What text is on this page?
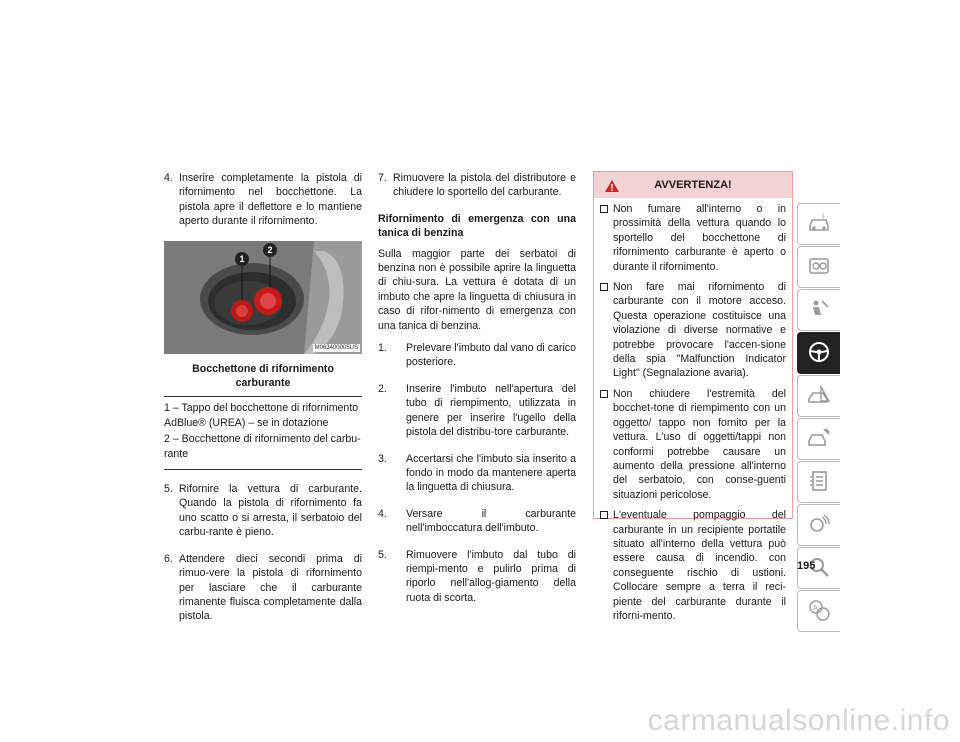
4. Inserire completamente la pistola di rifornimento nel bocchettone. La pistola apre il deflettore e lo mantiene aperto durante il rifornimento.
1
2
M063400005US
Bocchettone di rifornimento carburante
1 – Tappo del bocchettone di rifornimento AdBlue® (UREA) – se in dotazione
2 – Bocchettone di rifornimento del carbu-rante
5. Rifornire la vettura di carburante. Quando la pistola di rifornimento fa uno scatto o si arresta, il serbatoio del carbu-rante è pieno.
6. Attendere dieci secondi prima di rimuo-vere la pistola di rifornimento per lasciare che il carburante rimanente fluisca completamente dalla pistola.
7. Rimuovere la pistola del distributore e chiudere lo sportello del carburante.
Rifornimento di emergenza con una tanica di benzina
Sulla maggior parte dei serbatoi di benzina non è possibile aprire la linguetta di chiu-sura. La vettura è dotata di un imbuto che apre la linguetta di chiusura in caso di rifor-nimento di emergenza con una tanica di benzina.
1. Prelevare l'imbuto dal vano di carico posteriore.
2. Inserire l'imbuto nell'apertura del tubo di riempimento, utilizzata in genere per inserire l'ugello della pistola del distribu-tore carburante.
3. Accertarsi che l'imbuto sia inserito a fondo in modo da mantenere aperta la linguetta di chiusura.
4. Versare il carburante nell'imboccatura dell'imbuto.
5. Rimuovere l'imbuto dal tubo di riempi-mento e pulirlo prima di riporlo nell'allog-giamento della ruota di scorta.
AVVERTENZA!
Non fumare all'interno o in prossimità della vettura quando lo sportello del bocchettone di rifornimento carburante è aperto o durante il rifornimento.
Non fare mai rifornimento di carburante con il motore acceso. Questa operazione costituisce una violazione di diverse normative e potrebbe provocare l'accen-sione della spia "Malfunction Indicator Light" (Segnalazione avaria).
Non chiudere l'estremità del bocchet-tone di riempimento con un oggetto/ tappo non fornito per la vettura. L'uso di oggetti/tappi non conformi potrebbe causare un aumento della pressione all'interno del serbatoio, con conse-guenti situazioni pericolose.
L'eventuale pompaggio del carburante in un recipiente portatile situato all'interno della vettura può essere causa di incendio. con conseguente rischio di ustioni. Collocare sempre a terra il reci-piente del carburante durante il riforni-mento.
i
A
195
carmanualsonline.info
